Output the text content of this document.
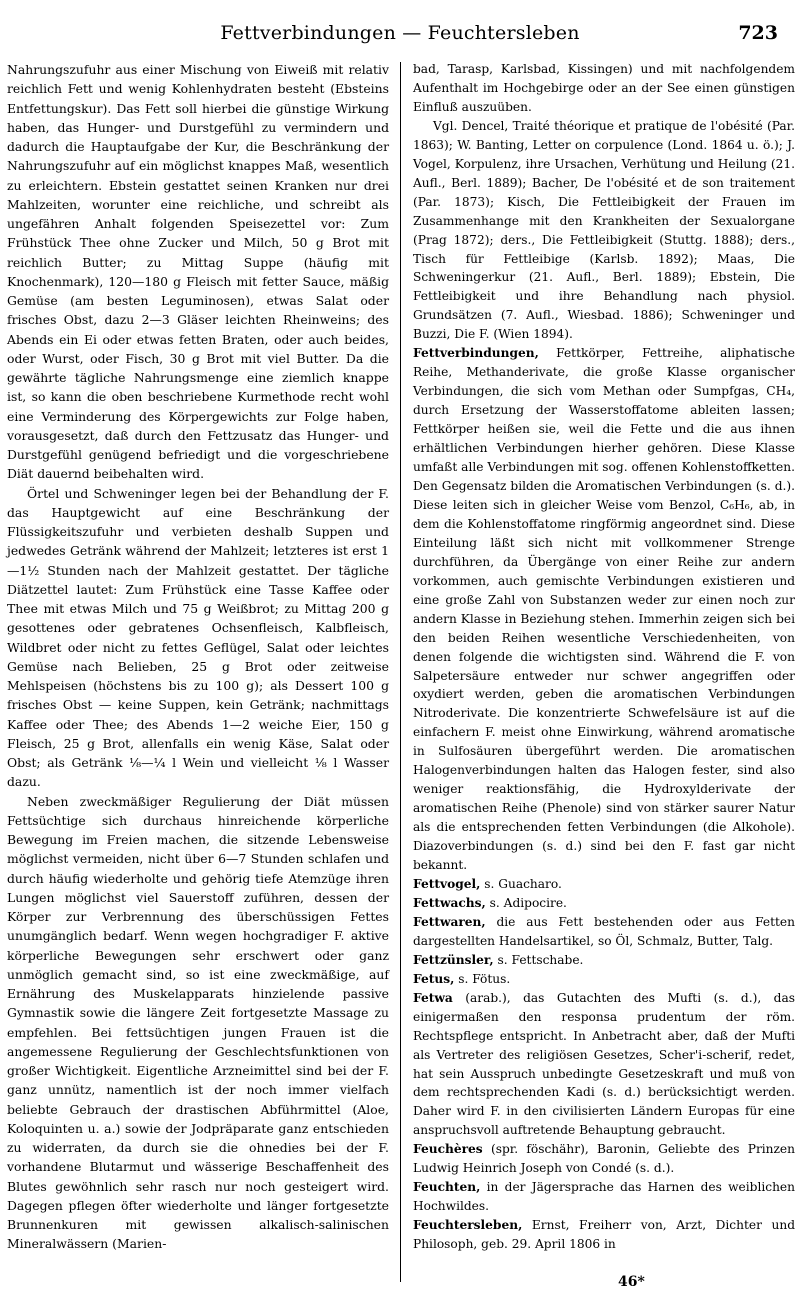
Fettverbindungen — Feuchtersleben	723

Nahrungszufuhr aus einer Mischung von Eiweiß mit relativ reichlich Fett und wenig Kohlenhydraten besteht (Ebsteins Entfettungskur). Das Fett soll hierbei die günstige Wirkung haben, das Hunger- und Durstgefühl zu vermindern und dadurch die Hauptaufgabe der Kur, die Beschränkung der Nahrungszufuhr auf ein möglichst knappes Maß, wesentlich zu erleichtern. Ebstein gestattet seinen Kranken nur drei Mahlzeiten, worunter eine reichliche, und schreibt als ungefähren Anhalt folgenden Speisezettel vor: Zum Frühstück Thee ohne Zucker und Milch, 50 g Brot mit reichlich Butter; zu Mittag Suppe (häufig mit Knochenmark), 120—180 g Fleisch mit fetter Sauce, mäßig Gemüse (am besten Leguminosen), etwas Salat oder frisches Obst, dazu 2—3 Gläser leichten Rheinweins; des Abends ein Ei oder etwas fetten Braten, oder auch beides, oder Wurst, oder Fisch, 30 g Brot mit viel Butter. Da die gewährte tägliche Nahrungsmenge eine ziemlich knappe ist, so kann die oben beschriebene Kurmethode recht wohl eine Verminderung des Körpergewichts zur Folge haben, vorausgesetzt, daß durch den Fettzusatz das Hunger- und Durstgefühl genügend befriedigt und die vorgeschriebene Diät dauernd beibehalten wird.

Örtel und Schweninger legen bei der Behandlung der F. das Hauptgewicht auf eine Beschränkung der Flüssigkeitszufuhr und verbieten deshalb Suppen und jedwedes Getränk während der Mahlzeit; letzteres ist erst 1—1½ Stunden nach der Mahlzeit gestattet. Der tägliche Diätzettel lautet: Zum Frühstück eine Tasse Kaffee oder Thee mit etwas Milch und 75 g Weißbrot; zu Mittag 200 g gesottenes oder gebratenes Ochsenfleisch, Kalbfleisch, Wildbret oder nicht zu fettes Geflügel, Salat oder leichtes Gemüse nach Belieben, 25 g Brot oder zeitweise Mehlspeisen (höchstens bis zu 100 g); als Dessert 100 g frisches Obst — keine Suppen, kein Getränk; nachmittags Kaffee oder Thee; des Abends 1—2 weiche Eier, 150 g Fleisch, 25 g Brot, allenfalls ein wenig Käse, Salat oder Obst; als Getränk ⅛—¼ l Wein und vielleicht ⅛ l Wasser dazu.

Neben zweckmäßiger Regulierung der Diät müssen Fettsüchtige sich durchaus hinreichende körperliche Bewegung im Freien machen, die sitzende Lebensweise möglichst vermeiden, nicht über 6—7 Stunden schlafen und durch häufig wiederholte und gehörig tiefe Atemzüge ihren Lungen möglichst viel Sauerstoff zuführen, dessen der Körper zur Verbrennung des überschüssigen Fettes unumgänglich bedarf. Wenn wegen hochgradiger F. aktive körperliche Bewegungen sehr erschwert oder ganz unmöglich gemacht sind, so ist eine zweckmäßige, auf Ernährung des Muskelapparats hinzielende passive Gymnastik sowie die längere Zeit fortgesetzte Massage zu empfehlen. Bei fettsüchtigen jungen Frauen ist die angemessene Regulierung der Geschlechtsfunktionen von großer Wichtigkeit. Eigentliche Arzneimittel sind bei der F. ganz unnütz, namentlich ist der noch immer vielfach beliebte Gebrauch der drastischen Abführmittel (Aloe, Koloquinten u. a.) sowie der Jodpräparate ganz entschieden zu widerraten, da durch sie die ohnedies bei der F. vorhandene Blutarmut und wässerige Beschaffenheit des Blutes gewöhnlich sehr rasch nur noch gesteigert wird. Dagegen pflegen öfter wiederholte und länger fortgesetzte Brunnenkuren mit gewissen alkalisch-salinischen Mineralwässern (Marien-

bad, Tarasp, Karlsbad, Kissingen) und mit nachfolgendem Aufenthalt im Hochgebirge oder an der See einen günstigen Einfluß auszuüben.

Vgl. Dencel, Traité théorique et pratique de l'obésité (Par. 1863); W. Banting, Letter on corpulence (Lond. 1864 u. ö.); J. Vogel, Korpulenz, ihre Ursachen, Verhütung und Heilung (21. Aufl., Berl. 1889); Bacher, De l'obésité et de son traitement (Par. 1873); Kisch, Die Fettleibigkeit der Frauen im Zusammenhange mit den Krankheiten der Sexualorgane (Prag 1872); ders., Die Fettleibigkeit (Stuttg. 1888); ders., Tisch für Fettleibige (Karlsb. 1892); Maas, Die Schweningerkur (21. Aufl., Berl. 1889); Ebstein, Die Fettleibigkeit und ihre Behandlung nach physiol. Grundsätzen (7. Aufl., Wiesbad. 1886); Schweninger und Buzzi, Die F. (Wien 1894).

Fettverbindungen, Fettkörper, Fettreihe, aliphatische Reihe, Methanderivate, die große Klasse organischer Verbindungen, die sich vom Methan oder Sumpfgas, CH₄, durch Ersetzung der Wasserstoffatome ableiten lassen; Fettkörper heißen sie, weil die Fette und die aus ihnen erhältlichen Verbindungen hierher gehören. Diese Klasse umfaßt alle Verbindungen mit sog. offenen Kohlenstoffketten. Den Gegensatz bilden die Aromatischen Verbindungen (s. d.). Diese leiten sich in gleicher Weise vom Benzol, C₆H₆, ab, in dem die Kohlenstoffatome ringförmig angeordnet sind. Diese Einteilung läßt sich nicht mit vollkommener Strenge durchführen, da Übergänge von einer Reihe zur andern vorkommen, auch gemischte Verbindungen existieren und eine große Zahl von Substanzen weder zur einen noch zur andern Klasse in Beziehung stehen. Immerhin zeigen sich bei den beiden Reihen wesentliche Verschiedenheiten, von denen folgende die wichtigsten sind. Während die F. von Salpetersäure entweder nur schwer angegriffen oder oxydiert werden, geben die aromatischen Verbindungen Nitroderivate. Die konzentrierte Schwefelsäure ist auf die einfachern F. meist ohne Einwirkung, während aromatische in Sulfosäuren übergeführt werden. Die aromatischen Halogenverbindungen halten das Halogen fester, sind also weniger reaktionsfähig, die Hydroxylderivate der aromatischen Reihe (Phenole) sind von stärker saurer Natur als die entsprechenden fetten Verbindungen (die Alkohole). Diazoverbindungen (s. d.) sind bei den F. fast gar nicht bekannt.

Fettvogel, s. Guacharo.

Fettwachs, s. Adipocire.

Fettwaren, die aus Fett bestehenden oder aus Fetten dargestellten Handelsartikel, so Öl, Schmalz, Butter, Talg.

Fettzünsler, s. Fettschabe.

Fetus, s. Fötus.

Fetwa (arab.), das Gutachten des Mufti (s. d.), das einigermaßen den responsa prudentum der röm. Rechtspflege entspricht. In Anbetracht aber, daß der Mufti als Vertreter des religiösen Gesetzes, Scher'i-scherif, redet, hat sein Ausspruch unbedingte Gesetzeskraft und muß von dem rechtsprechenden Kadi (s. d.) berücksichtigt werden. Daher wird F. in den civilisierten Ländern Europas für eine anspruchsvoll auftretende Behauptung gebraucht.

Feuchères (spr. föschähr), Baronin, Geliebte des Prinzen Ludwig Heinrich Joseph von Condé (s. d.).

Feuchten, in der Jägersprache das Harnen des weiblichen Hochwildes.

Feuchtersleben, Ernst, Freiherr von, Arzt, Dichter und Philosoph, geb. 29. April 1806 in

46*
